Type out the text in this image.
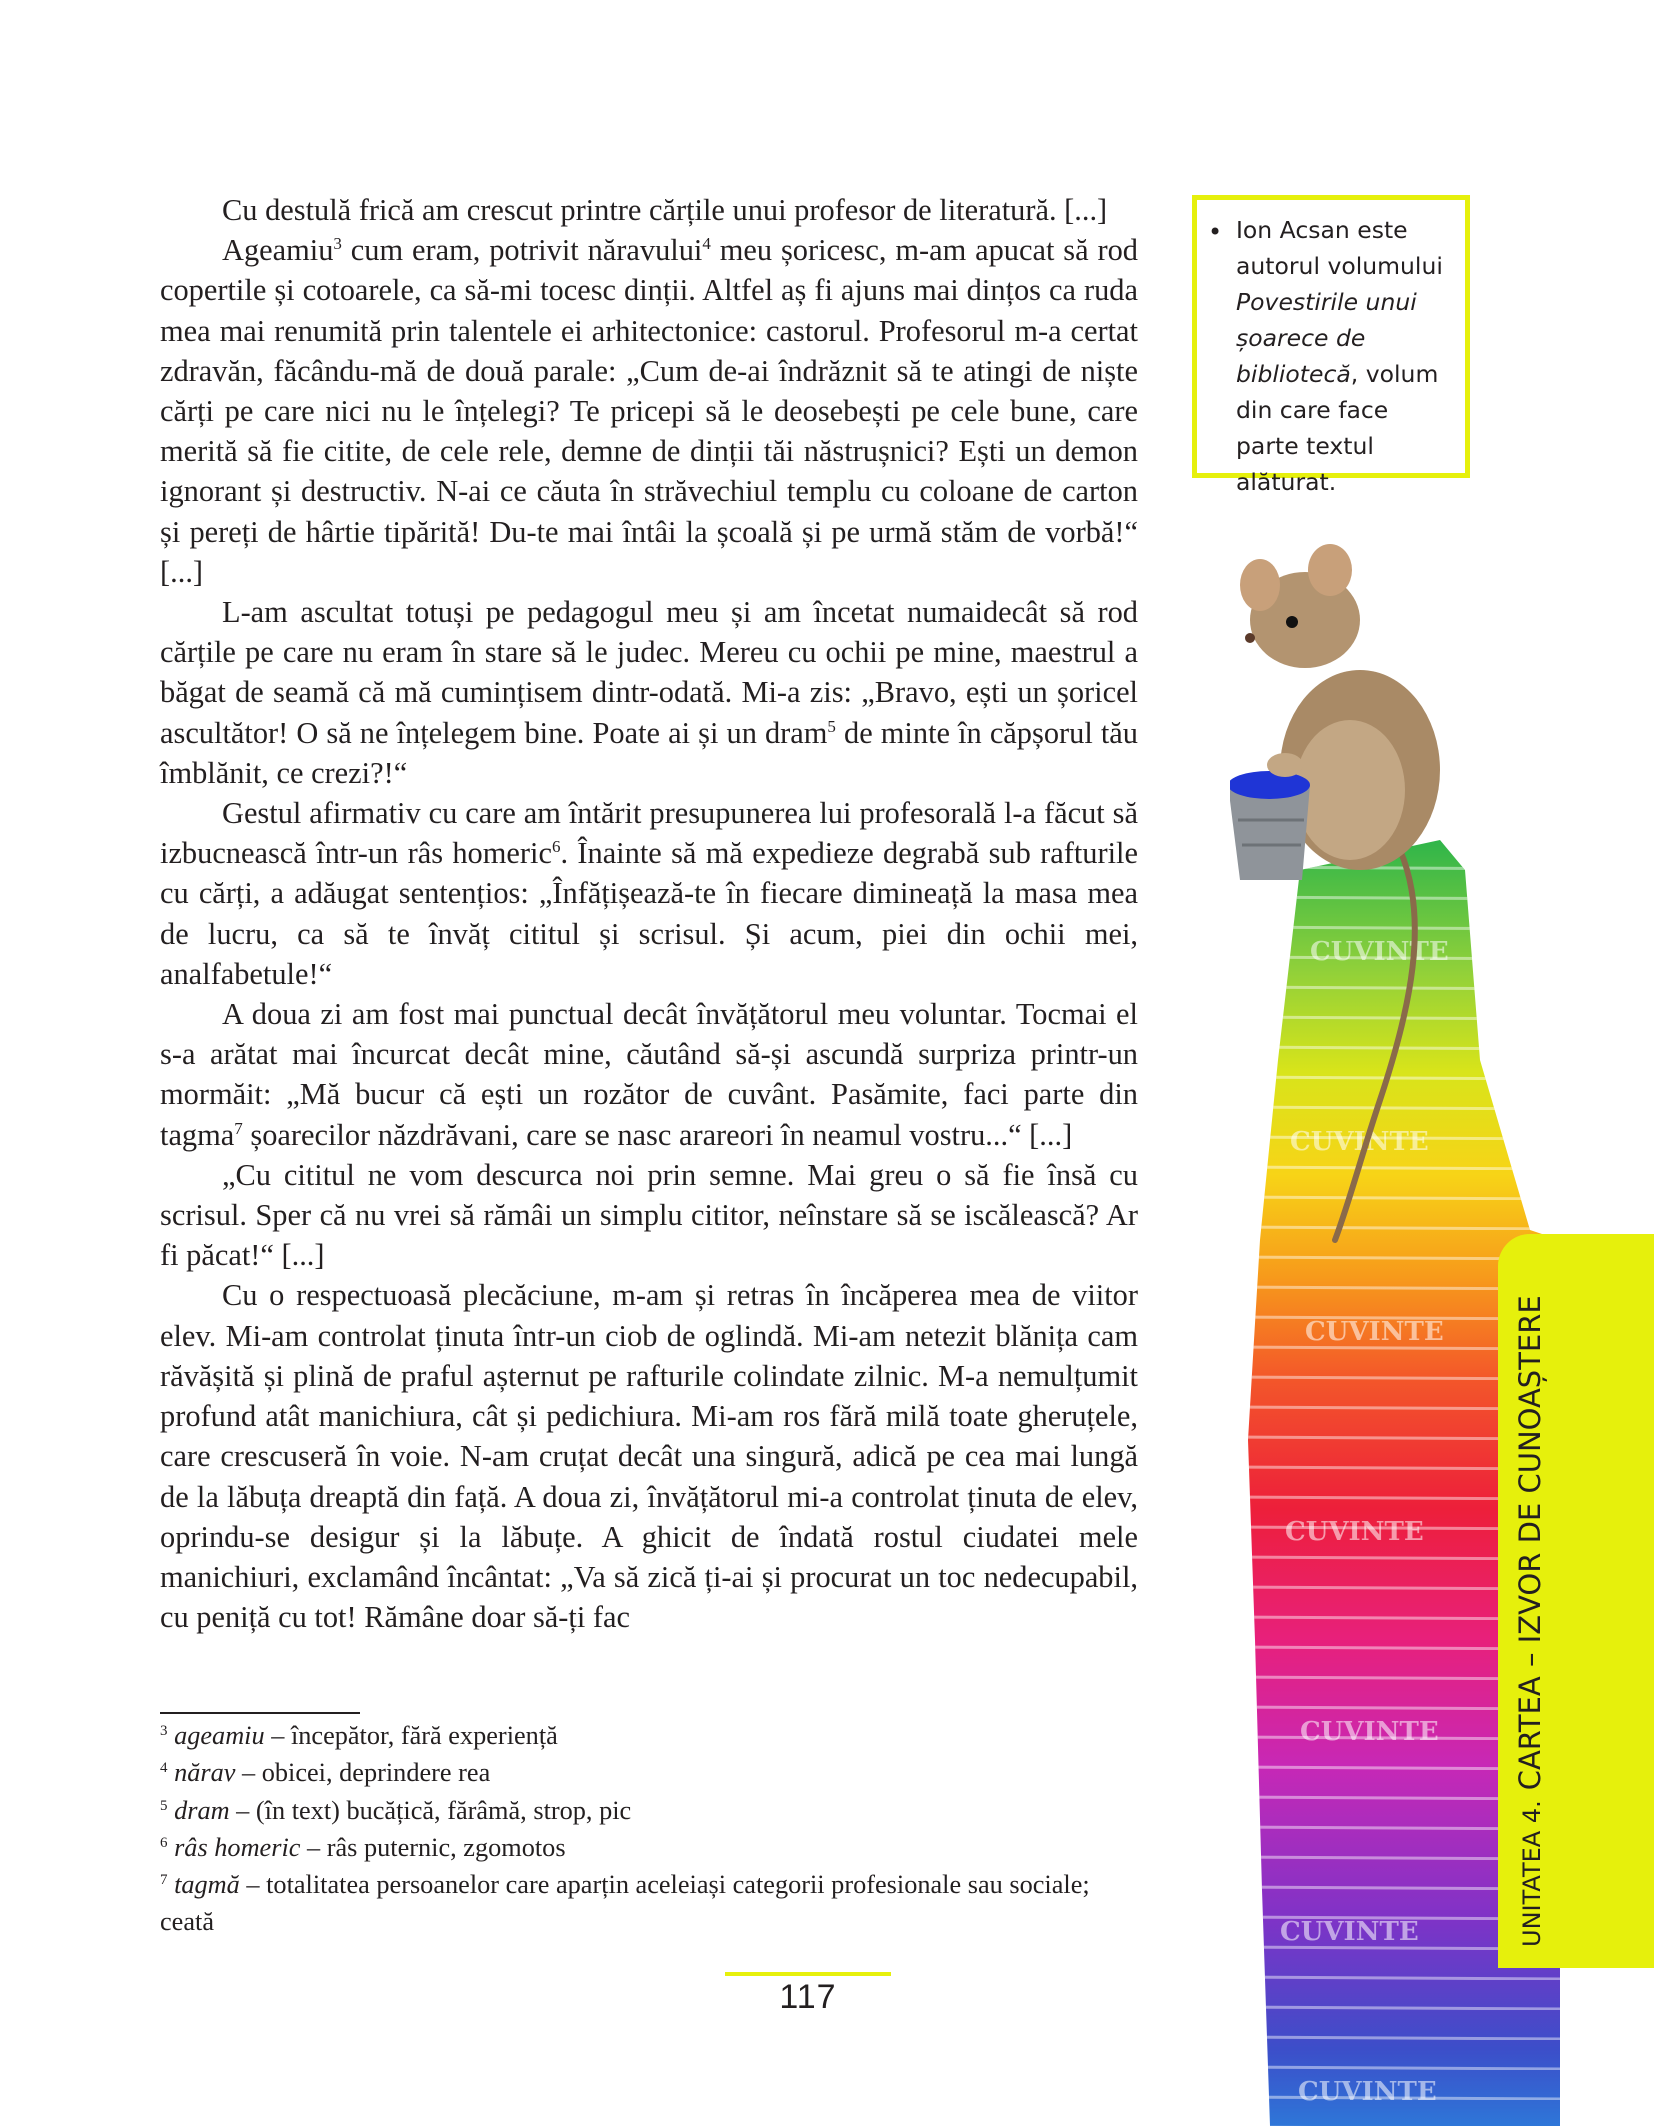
Cu destulă frică am crescut printre cărțile unui profesor de literatură. [...]

Ageamiu$^3$ cum eram, potrivit năravului$^4$ meu șoricesc, m-am apucat să rod copertile și cotoarele, ca să-mi tocesc dinții. Altfel aș fi ajuns mai dințos ca ruda mea mai renumită prin talentele ei arhitectonice: castorul. Profesorul m-a certat zdravăn, făcându-mă de două parale: „Cum de-ai îndrăznit să te atingi de niște cărți pe care nici nu le înțelegi? Te pricepi să le deosebești pe cele bune, care merită să fie citite, de cele rele, demne de dinții tăi năstrușnici? Ești un demon ignorant și destructiv. N-ai ce căuta în străvechiul templu cu coloane de carton și pereți de hârtie tipărită! Du-te mai întâi la școală și pe urmă stăm de vorbă!“ [...]

L-am ascultat totuși pe pedagogul meu și am încetat numaidecât să rod cărțile pe care nu eram în stare să le judec. Mereu cu ochii pe mine, maestrul a băgat de seamă că mă cumințisem dintr-odată. Mi-a zis: „Bravo, ești un șoricel ascultător! O să ne înțelegem bine. Poate ai și un dram$^5$ de minte în căpșorul tău îmblănit, ce crezi?!“

Gestul afirmativ cu care am întărit presupunerea lui profesorală l-a făcut să izbucnească într-un râs homeric$^6$. Înainte să mă expedieze degrabă sub rafturile cu cărți, a adăugat sentențios: „Înfățișează-te în fiecare dimineață la masa mea de lucru, ca să te învăț cititul și scrisul. Și acum, piei din ochii mei, analfabetule!“

A doua zi am fost mai punctual decât învățătorul meu voluntar. Tocmai el s-a arătat mai încurcat decât mine, căutând să-și ascundă surpriza printr-un mormăit: „Mă bucur că ești un rozător de cuvânt. Pasămite, faci parte din tagma$^7$ șoarecilor năzdrăvani, care se nasc arareori în neamul vostru...“ [...]

„Cu cititul ne vom descurca noi prin semne. Mai greu o să fie însă cu scrisul. Sper că nu vrei să rămâi un simplu cititor, neînstare să se iscălească? Ar fi păcat!“ [...]

Cu o respectuoasă plecăciune, m-am și retras în încăperea mea de viitor elev. Mi-am controlat ținuta într-un ciob de oglindă. Mi-am netezit blănița cam răvășită și plină de praful așternut pe rafturile colindate zilnic. M-a nemulțumit profund atât manichiura, cât și pedichiura. Mi-am ros fără milă toate gheruțele, care crescuseră în voie. N-am cruțat decât una singură, adică pe cea mai lungă de la lăbuța dreaptă din față. A doua zi, învățătorul mi-a controlat ținuta de elev, oprindu-se desigur și la lăbuțe. A ghicit de îndată rostul ciudatei mele manichiuri, exclamând încântat: „Va să zică ți-ai și procurat un toc nedecupabil, cu peniță cu tot! Rămâne doar să-ți fac

$^3$ ageamiu – începător, fără experiență
$^4$ nărav – obicei, deprindere rea
$^5$ dram – (în text) bucățică, fărâmă, strop, pic
$^6$ râs homeric – râs puternic, zgomotos
$^7$ tagmă – totalitatea persoanelor care aparțin aceleiași categorii profesionale sau sociale; ceată
117
• Ion Acsan este autorul volumului Povestirile unui șoarece de bibliotecă, volum din care face parte textul alăturat.
CUVINTE
CUVINTE
CUVINTE
CUVINTE
CUVINTE
CUVINTE
CUVINTE
UNITATEA 4.CARTEA – IZVOR DE CUNOAȘTERE
